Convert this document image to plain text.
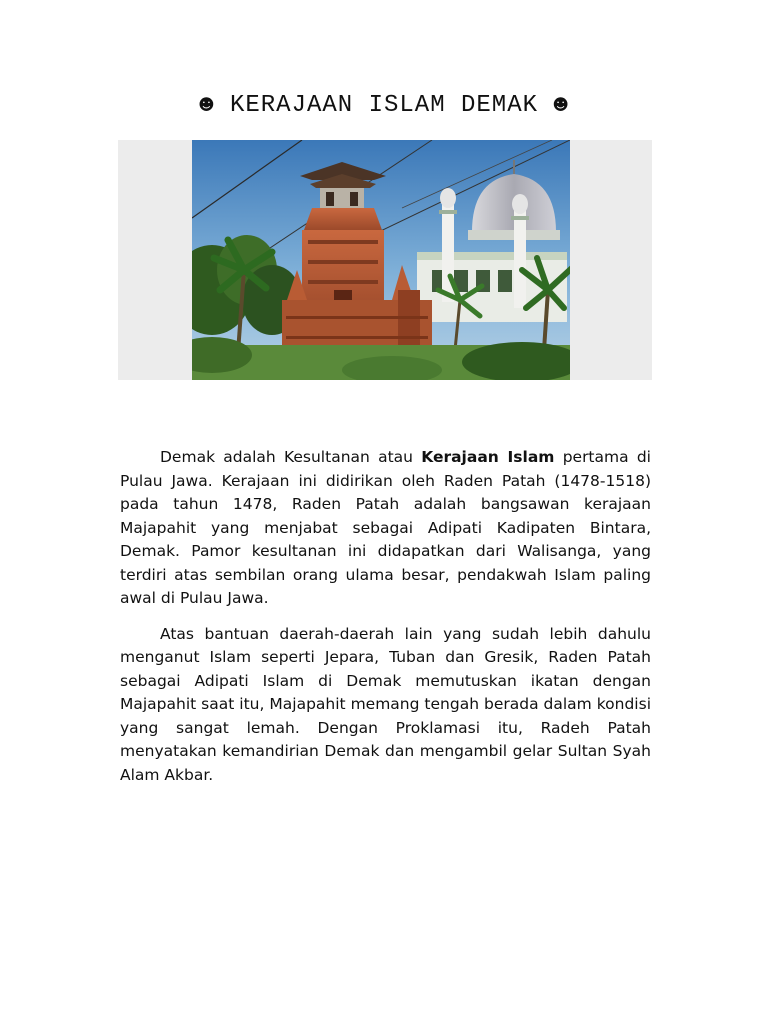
☻ KERAJAAN ISLAM DEMAK ☻

Demak adalah Kesultanan atau Kerajaan Islam pertama di Pulau Jawa. Kerajaan ini didirikan oleh Raden Patah (1478-1518) pada tahun 1478, Raden Patah adalah bangsawan kerajaan Majapahit yang menjabat sebagai Adipati Kadipaten Bintara, Demak. Pamor kesultanan ini didapatkan dari Walisanga, yang terdiri atas sembilan orang ulama besar, pendakwah Islam paling awal di Pulau Jawa.

Atas bantuan daerah-daerah lain yang sudah lebih dahulu menganut Islam seperti Jepara, Tuban dan Gresik, Raden Patah sebagai Adipati Islam di Demak memutuskan ikatan dengan Majapahit saat itu, Majapahit memang tengah berada dalam kondisi yang sangat lemah. Dengan Proklamasi itu, Radeh Patah menyatakan kemandirian Demak dan mengambil gelar Sultan Syah Alam Akbar.
